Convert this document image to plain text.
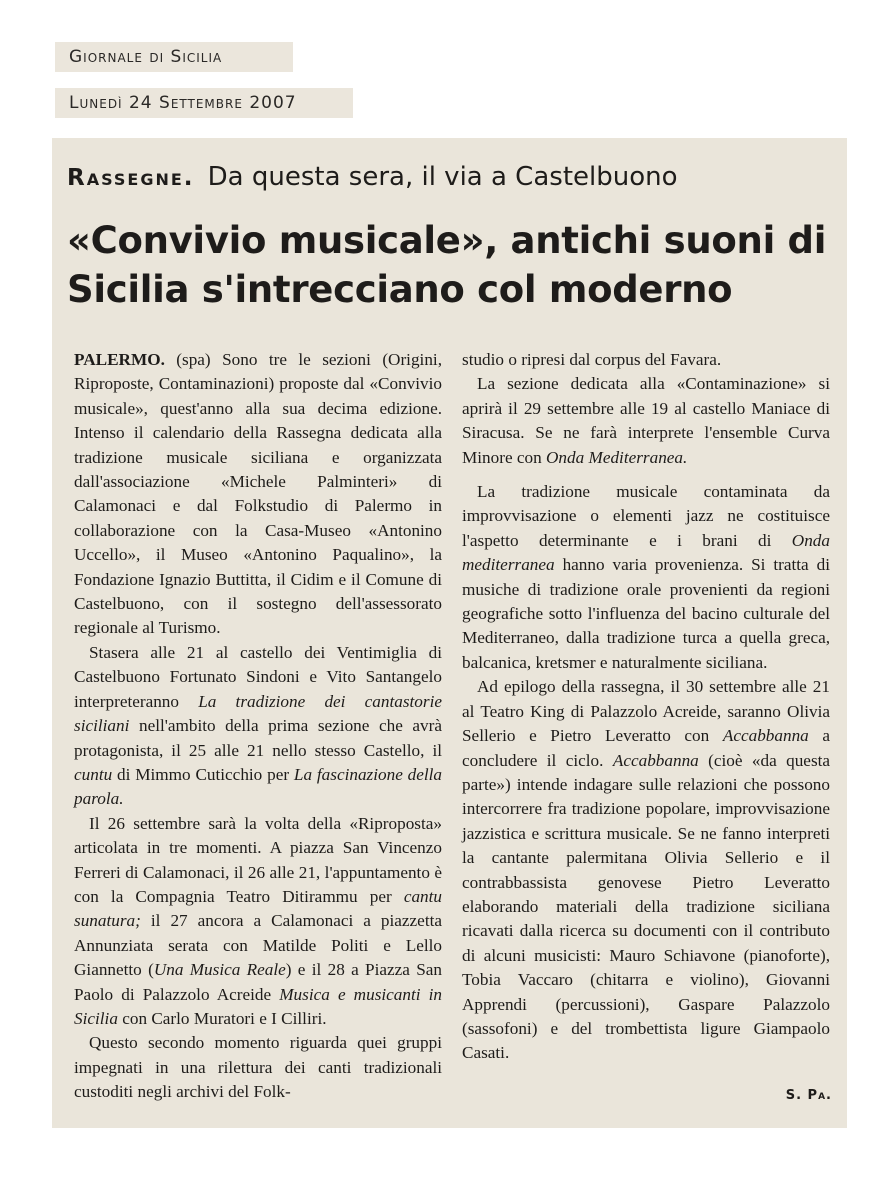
Giornale di Sicilia
Lunedì 24 Settembre 2007
Rassegne. Da questa sera, il via a Castelbuono
«Convivio musicale», antichi suoni di Sicilia s'intrecciano col moderno

PALERMO. (spa) Sono tre le sezioni (Origini, Riproposte, Contaminazioni) proposte dal «Convivio musicale», quest'anno alla sua decima edizione. Intenso il calendario della Rassegna dedicata alla tradizione musicale siciliana e organizzata dall'associazione «Michele Palminteri» di Calamonaci e dal Folkstudio di Palermo in collaborazione con la Casa-Museo «Antonino Uccello», il Museo «Antonino Paqualino», la Fondazione Ignazio Buttitta, il Cidim e il Comune di Castelbuono, con il sostegno dell'assessorato regionale al Turismo.

Stasera alle 21 al castello dei Ventimiglia di Castelbuono Fortunato Sindoni e Vito Santangelo interpreteranno La tradizione dei cantastorie siciliani nell'ambito della prima sezione che avrà protagonista, il 25 alle 21 nello stesso Castello, il cuntu di Mimmo Cuticchio per La fascinazione della parola.

Il 26 settembre sarà la volta della «Riproposta» articolata in tre momenti. A piazza San Vincenzo Ferreri di Calamonaci, il 26 alle 21, l'appuntamento è con la Compagnia Teatro Ditirammu per cantu sunatura; il 27 ancora a Calamonaci a piazzetta Annunziata serata con Matilde Politi e Lello Giannetto (Una Musica Reale) e il 28 a Piazza San Paolo di Palazzolo Acreide Musica e musicanti in Sicilia con Carlo Muratori e I Cilliri.

Questo secondo momento riguarda quei gruppi impegnati in una rilettura dei canti tradizionali custoditi negli archivi del Folk-

studio o ripresi dal corpus del Favara.

La sezione dedicata alla «Contaminazione» si aprirà il 29 settembre alle 19 al castello Maniace di Siracusa. Se ne farà interprete l'ensemble Curva Minore con Onda Mediterranea.

La tradizione musicale contaminata da improvvisazione o elementi jazz ne costituisce l'aspetto determinante e i brani di Onda mediterranea hanno varia provenienza. Si tratta di musiche di tradizione orale provenienti da regioni geografiche sotto l'influenza del bacino culturale del Mediterraneo, dalla tradizione turca a quella greca, balcanica, kretsmer e naturalmente siciliana.

Ad epilogo della rassegna, il 30 settembre alle 21 al Teatro King di Palazzolo Acreide, saranno Olivia Sellerio e Pietro Leveratto con Accabbanna a concludere il ciclo. Accabbanna (cioè «da questa parte») intende indagare sulle relazioni che possono intercorrere fra tradizione popolare, improvvisazione jazzistica e scrittura musicale. Se ne fanno interpreti la cantante palermitana Olivia Sellerio e il contrabbassista genovese Pietro Leveratto elaborando materiali della tradizione siciliana ricavati dalla ricerca su documenti con il contributo di alcuni musicisti: Mauro Schiavone (pianoforte), Tobia Vaccaro (chitarra e violino), Giovanni Apprendi (percussioni), Gaspare Palazzolo (sassofoni) e del trombettista ligure Giampaolo Casati.

S. Pa.
